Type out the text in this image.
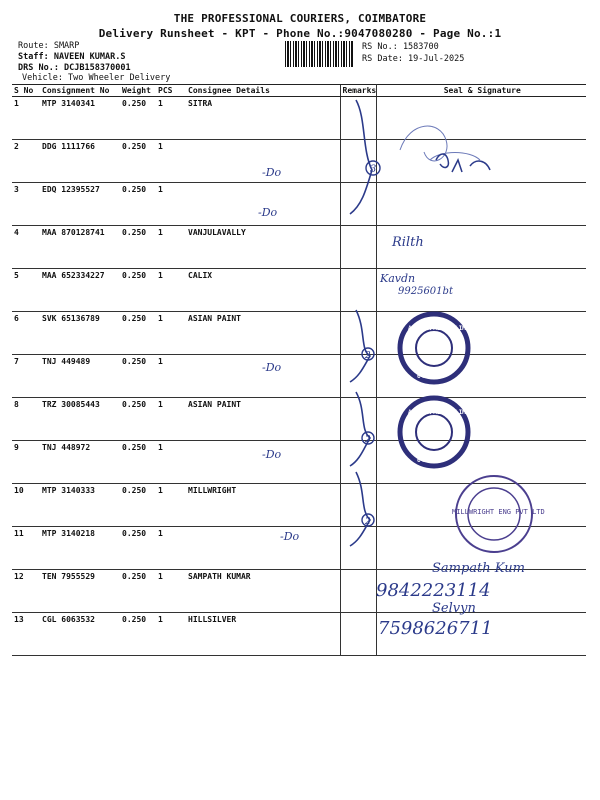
THE PROFESSIONAL COURIERS, COIMBATORE
Delivery Runsheet - KPT - Phone No.:9047080280 - Page No.:1
Route: SMARP
Staff: NAVEEN KUMAR.S
DRS No.: DCJB158370001
Vehicle: Two Wheeler Delivery
RS No.: 1583700
RS Date: 19-Jul-2025
S No	Consignment No	Weight	PCS	Consignee Details	Remarks	Seal & Signature
1	MTP 3140341	0.250	1	SITRA		
2	DDG 1111766	0.250	1			
3	EDQ 12395527	0.250	1			
4	MAA 870128741	0.250	1	VANJULAVALLY		
5	MAA 652334227	0.250	1	CALIX		
6	SVK 65136789	0.250	1	ASIAN PAINT		
7	TNJ 449489	0.250	1			
8	TRZ 30085443	0.250	1	ASIAN PAINT		
9	TNJ 448972	0.250	1			
10	MTP 3140333	0.250	1	MILLWRIGHT		
11	MTP 3140218	0.250	1			
12	TEN 7955529	0.250	1	SAMPATH KUMAR		
13	CGL 6063532	0.250	1	HILLSILVER		
3
2
2
2
-Do
-Do
-Do
-Do
-Do
Rilth
Kavdn
9925601bt
Sampath Kum
9842223114
Selvyn
7598626711
ASIAN PAINTS LIMITED
641014
ASIAN PAINTS LIMITED
641014
MILLWRIGHT ENG PVT LTD
